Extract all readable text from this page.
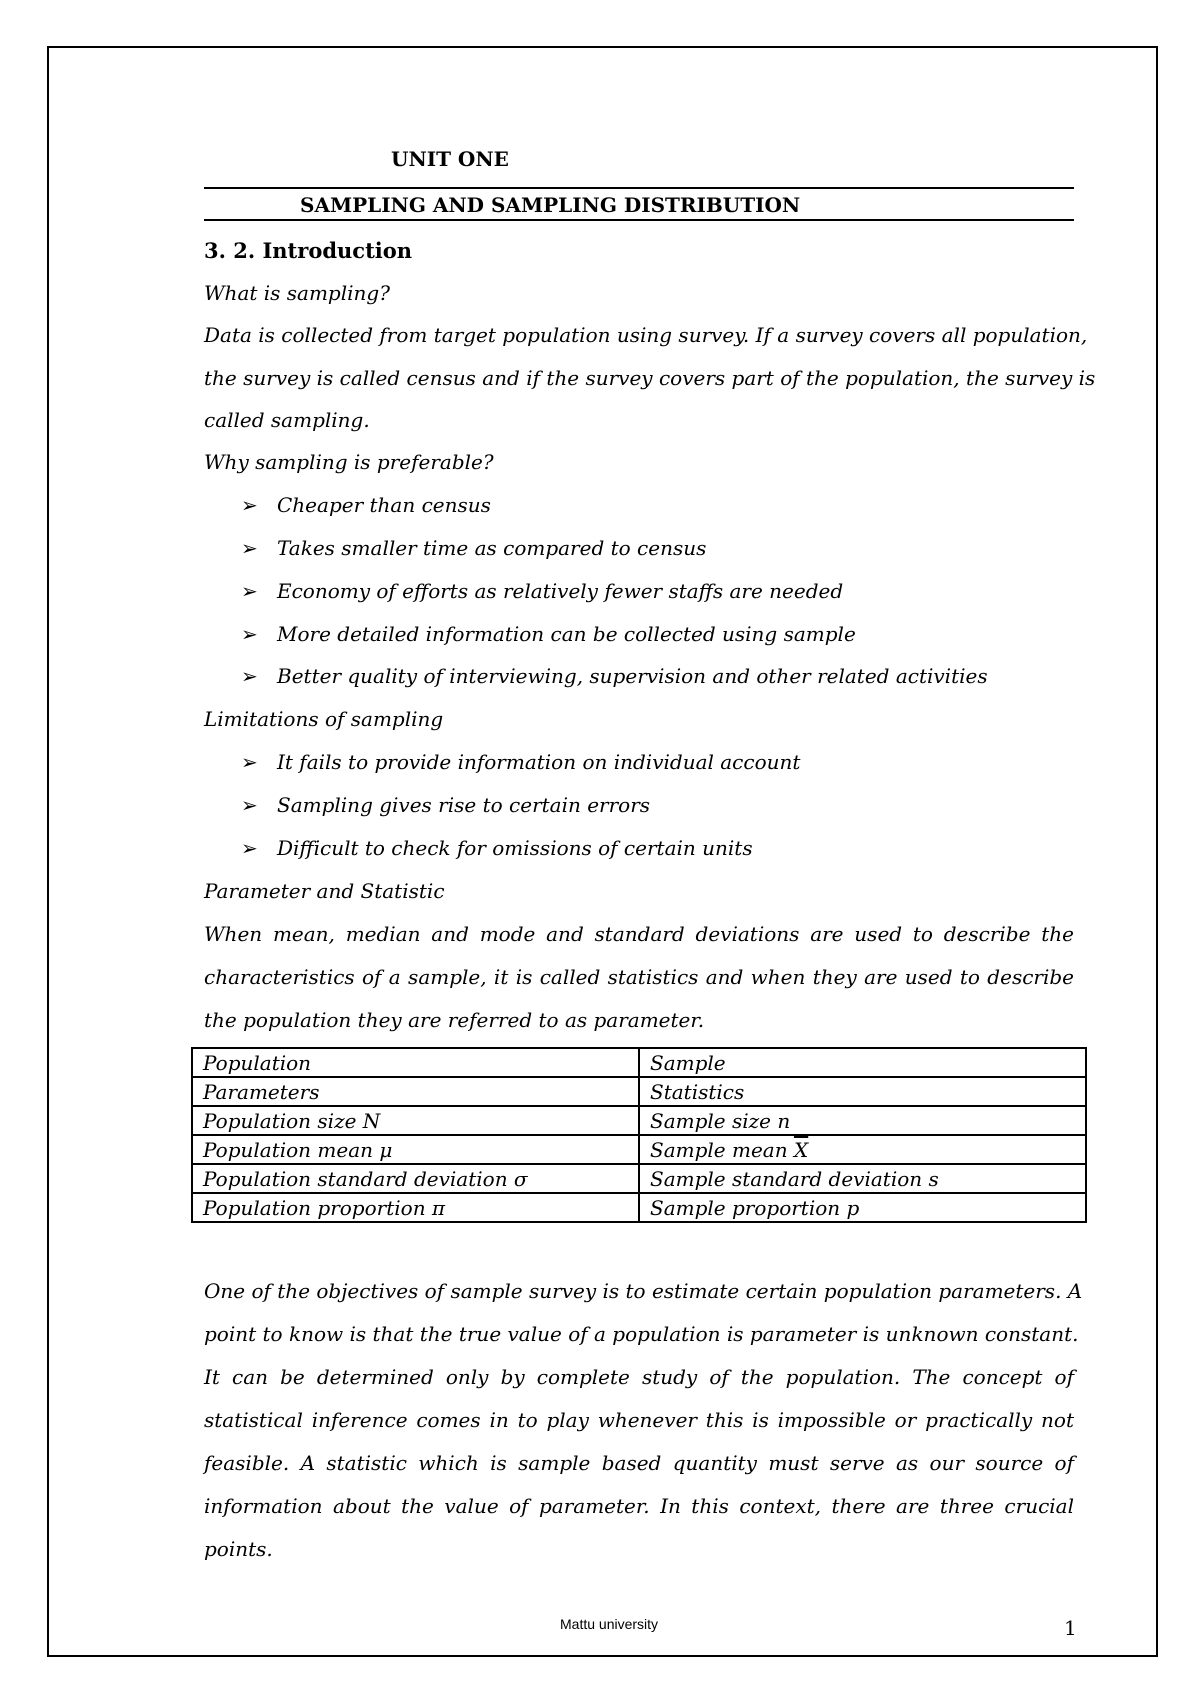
UNIT ONE
SAMPLING AND SAMPLING DISTRIBUTION
3. 2. Introduction
What is sampling?
Data is collected from target population using survey. If a survey covers all population,
the survey is called census and if the survey covers part of the population, the survey is
called sampling.
Why sampling is preferable?
➢ Cheaper than census
➢ Takes smaller time as compared to census
➢ Economy of efforts as relatively fewer staffs are needed
➢ More detailed information can be collected using sample
➢ Better quality of interviewing, supervision and other related activities
Limitations of sampling
➢ It fails to provide information on individual account
➢ Sampling gives rise to certain errors
➢ Difficult to check for omissions of certain units
Parameter and Statistic
When mean, median and mode and standard deviations are used to describe the
characteristics of a sample, it is called statistics and when they are used to describe
the population they are referred to as parameter.
Population	Sample
Parameters	Statistics
Population size N	Sample size n
Population mean μ	Sample mean $\overline{X}$
Population standard deviation σ	Sample standard deviation s
Population proportion π	Sample proportion p
One of the objectives of sample survey is to estimate certain population parameters. A
point to know is that the true value of a population is parameter is unknown constant.
It can be determined only by complete study of the population. The concept of
statistical inference comes in to play whenever this is impossible or practically not
feasible. A statistic which is sample based quantity must serve as our source of
information about the value of parameter. In this context, there are three crucial
points.
Mattu university	1
